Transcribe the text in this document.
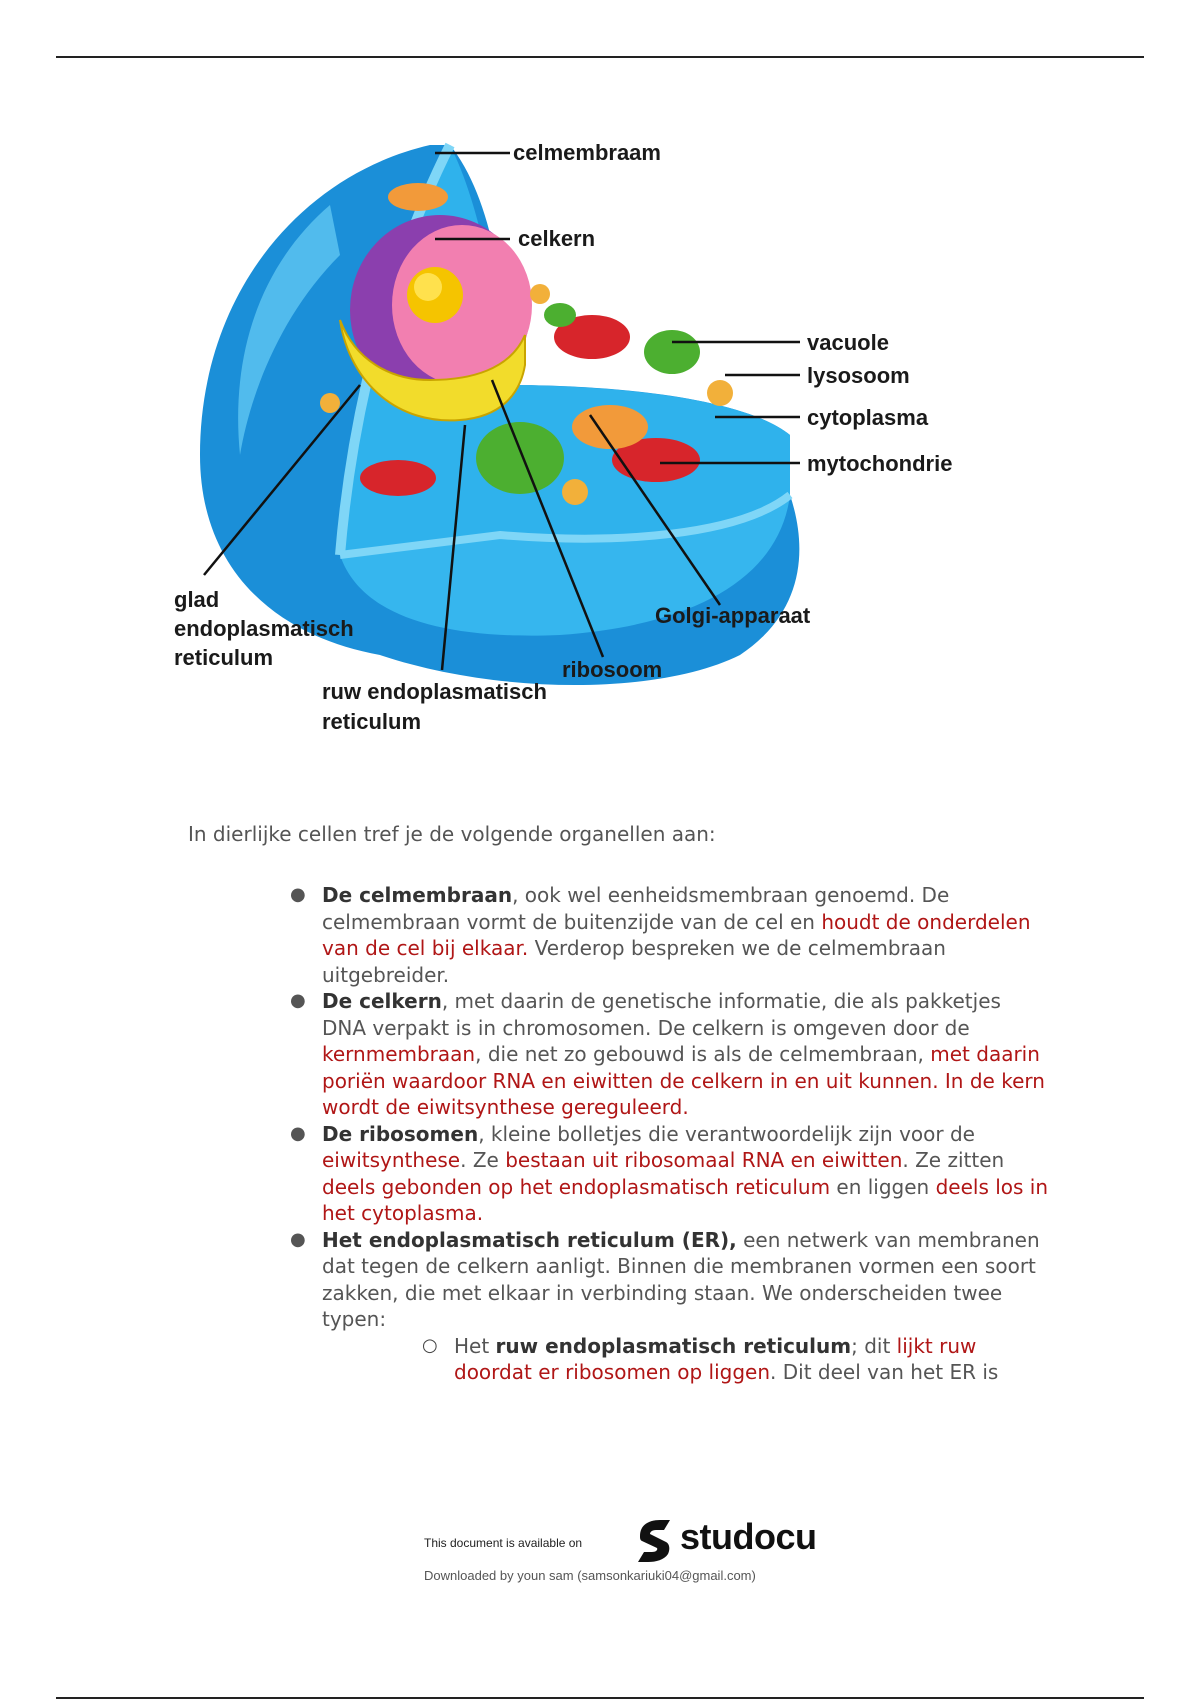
celmembraam
celkern
vacuole
lysosoom
cytoplasma
mytochondrie
glad
endoplasmatisch
reticulum
Golgi-apparaat
ribosoom
ruw endoplasmatisch
reticulum
In dierlijke cellen tref je de volgende organellen aan:
● De celmembraan, ook wel eenheidsmembraan genoemd. De celmembraan vormt de buitenzijde van de cel en houdt de onderdelen van de cel bij elkaar. Verderop bespreken we de celmembraan uitgebreider.
● De celkern, met daarin de genetische informatie, die als pakketjes DNA verpakt is in chromosomen. De celkern is omgeven door de kernmembraan, die net zo gebouwd is als de celmembraan, met daarin poriën waardoor RNA en eiwitten de celkern in en uit kunnen. In de kern wordt de eiwitsynthese gereguleerd.
● De ribosomen, kleine bolletjes die verantwoordelijk zijn voor de eiwitsynthese. Ze bestaan uit ribosomaal RNA en eiwitten. Ze zitten deels gebonden op het endoplasmatisch reticulum en liggen deels los in het cytoplasma.
● Het endoplasmatisch reticulum (ER), een netwerk van membranen dat tegen de celkern aanligt. Binnen die membranen vormen een soort zakken, die met elkaar in verbinding staan. We onderscheiden twee typen:
○ Het ruw endoplasmatisch reticulum; dit lijkt ruw doordat er ribosomen op liggen. Dit deel van het ER is
This document is available on	studocu
Downloaded by youn sam (samsonkariuki04@gmail.com)
